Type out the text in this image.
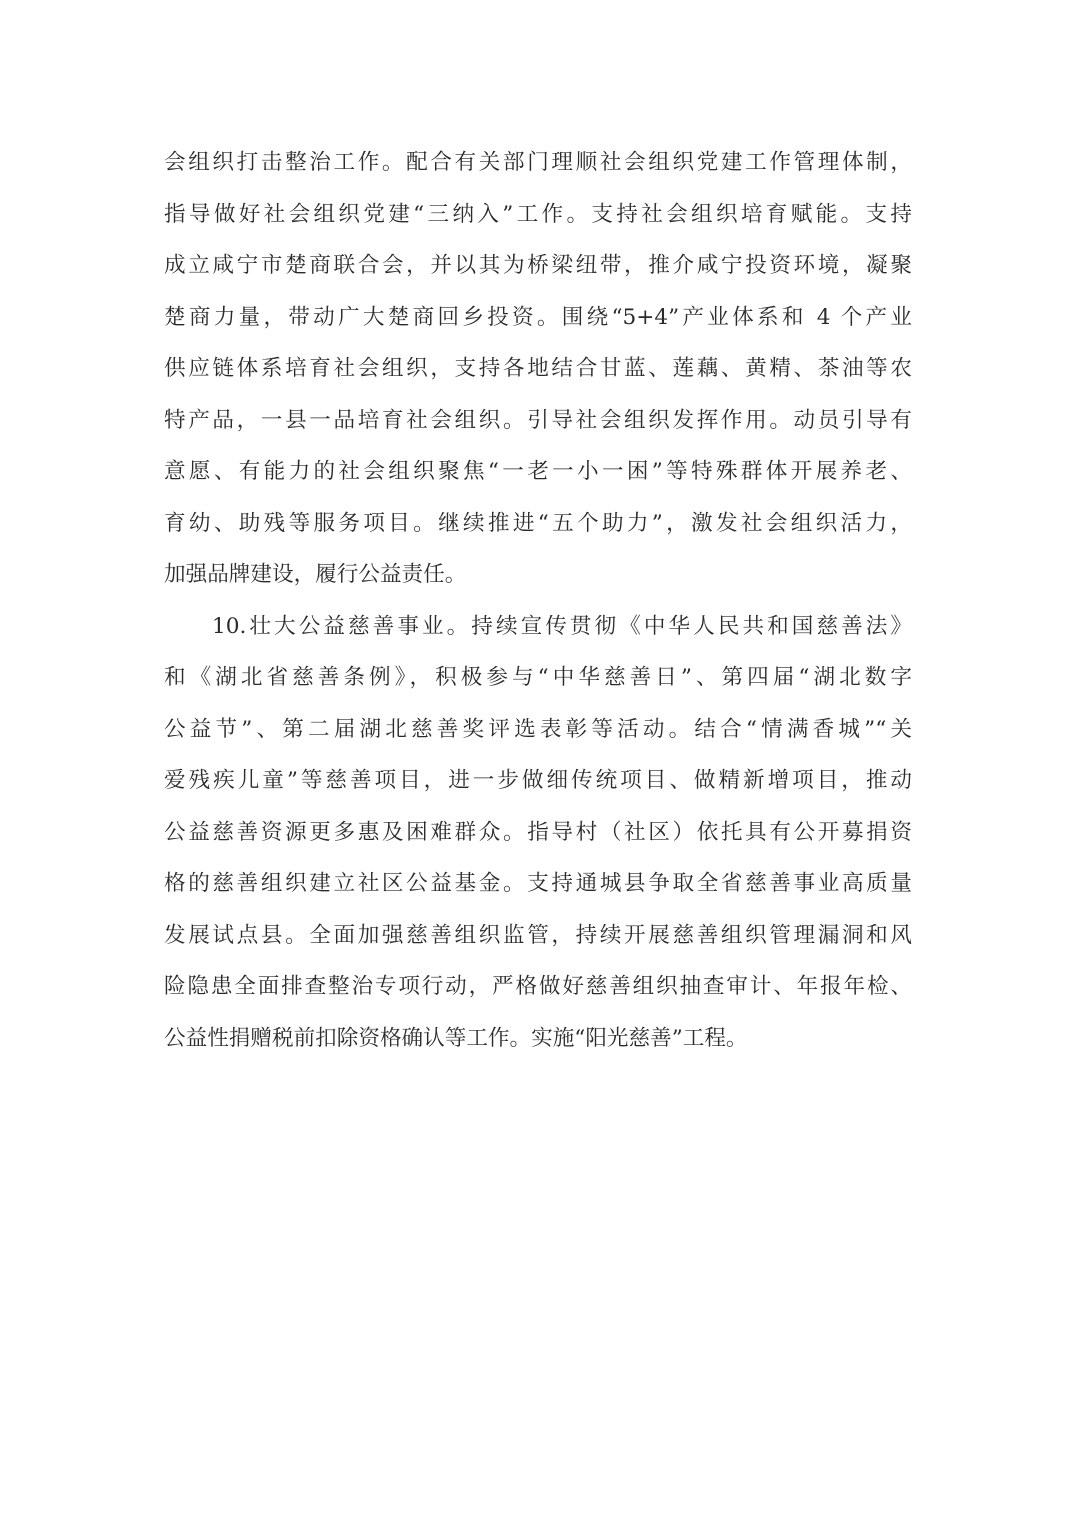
会组织打击整治工作。配合有关部门理顺社会组织党建工作管理体制，
指导做好社会组织党建“三纳入”工作。支持社会组织培育赋能。支持
成立咸宁市楚商联合会，并以其为桥梁纽带，推介咸宁投资环境，凝聚
楚商力量，带动广大楚商回乡投资。围绕“5+4”产业体系和 4 个产业
供应链体系培育社会组织，支持各地结合甘蓝、莲藕、黄精、茶油等农
特产品，一县一品培育社会组织。引导社会组织发挥作用。动员引导有
意愿、有能力的社会组织聚焦“一老一小一困”等特殊群体开展养老、
育幼、助残等服务项目。继续推进“五个助力”，激发社会组织活力，
加强品牌建设，履行公益责任。
10.壮大公益慈善事业。持续宣传贯彻《中华人民共和国慈善法》
和《湖北省慈善条例》，积极参与“中华慈善日”、第四届“湖北数字
公益节”、第二届湖北慈善奖评选表彰等活动。结合“情满香城”“关
爱残疾儿童”等慈善项目，进一步做细传统项目、做精新增项目，推动
公益慈善资源更多惠及困难群众。指导村（社区）依托具有公开募捐资
格的慈善组织建立社区公益基金。支持通城县争取全省慈善事业高质量
发展试点县。全面加强慈善组织监管，持续开展慈善组织管理漏洞和风
险隐患全面排查整治专项行动，严格做好慈善组织抽查审计、年报年检、
公益性捐赠税前扣除资格确认等工作。实施“阳光慈善”工程。
